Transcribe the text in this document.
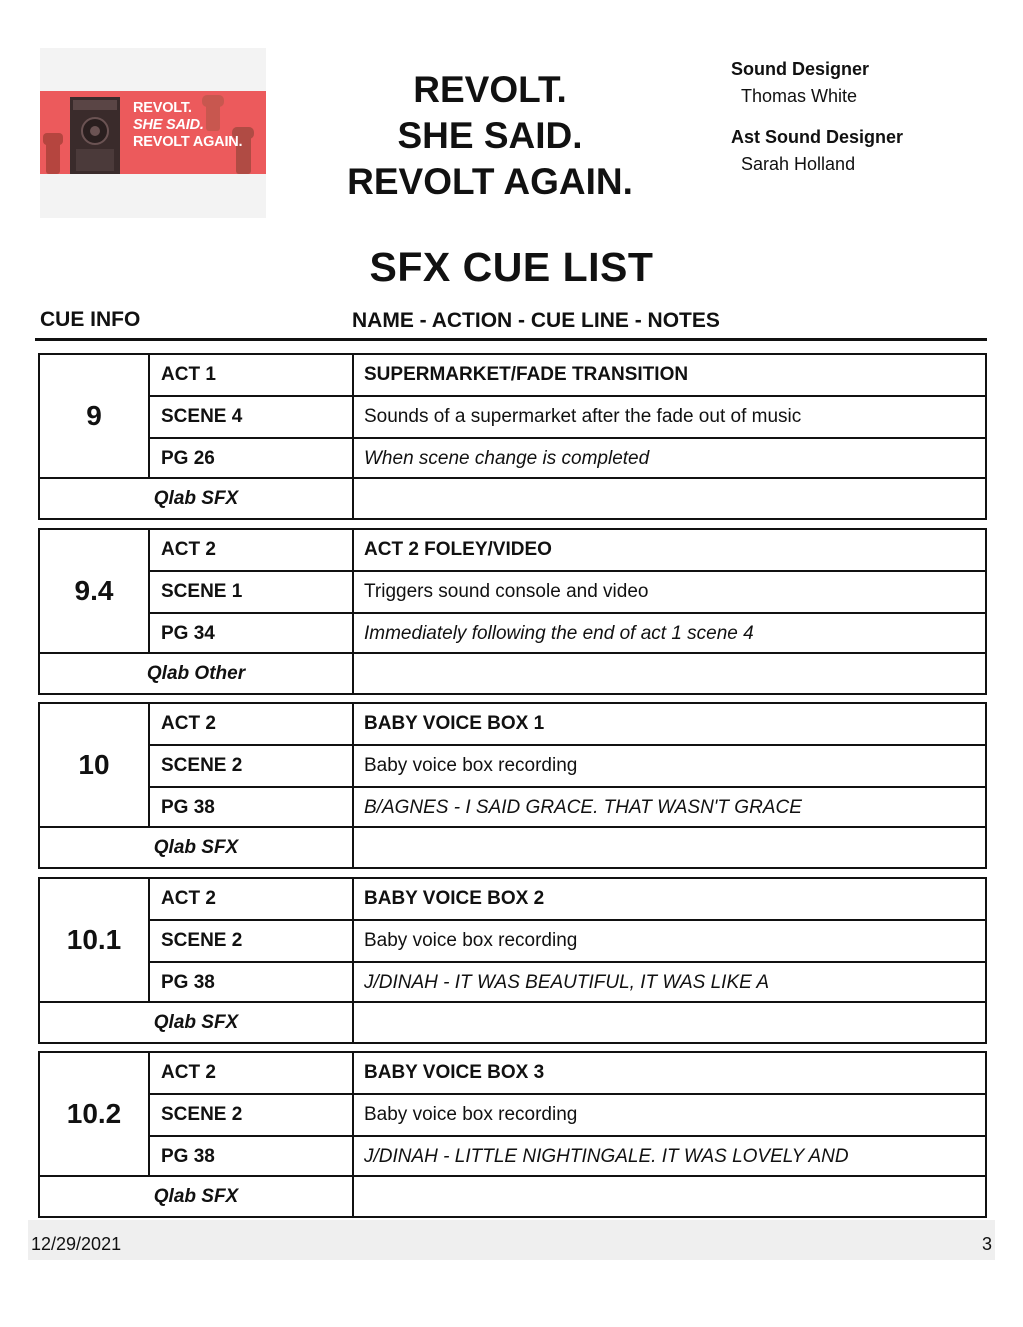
REVOLT.
SHE SAID.
REVOLT AGAIN.
REVOLT.
SHE SAID.
REVOLT AGAIN.
Sound Designer
Thomas White
Ast Sound Designer
Sarah Holland
SFX CUE LIST
CUE INFO	NAME - ACTION - CUE LINE - NOTES
9
ACT 1
SCENE 4
PG 26
SUPERMARKET/FADE TRANSITION
Sounds of a supermarket after the fade out of music
When scene change is completed
Qlab SFX
9.4
ACT 2
SCENE 1
PG 34
ACT 2 FOLEY/VIDEO
Triggers sound console and video
Immediately following the end of act 1 scene 4
Qlab Other
10
ACT 2
SCENE 2
PG 38
BABY VOICE BOX 1
Baby voice box recording
B/AGNES - I SAID GRACE. THAT WASN'T GRACE
Qlab SFX
10.1
ACT 2
SCENE 2
PG 38
BABY VOICE BOX 2
Baby voice box recording
J/DINAH - IT WAS BEAUTIFUL, IT WAS LIKE A
Qlab SFX
10.2
ACT 2
SCENE 2
PG 38
BABY VOICE BOX 3
Baby voice box recording
J/DINAH - LITTLE NIGHTINGALE. IT WAS LOVELY AND
Qlab SFX
12/29/2021	3
